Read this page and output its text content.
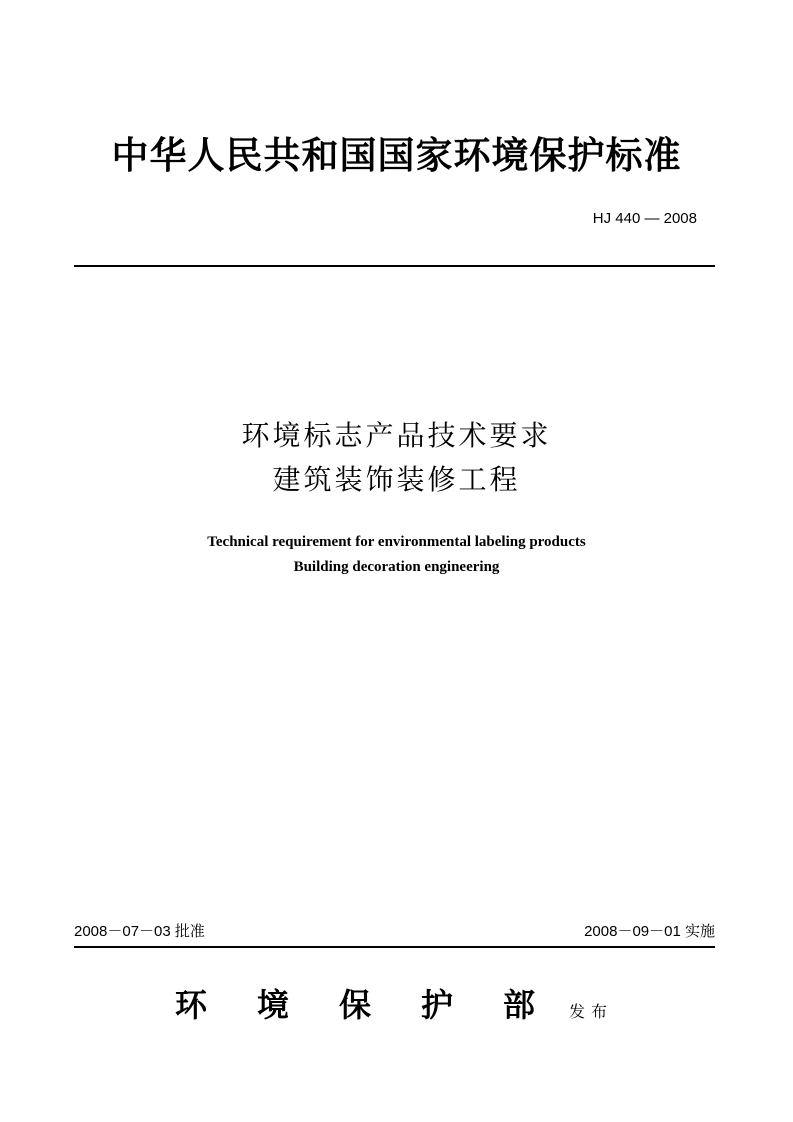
中华人民共和国国家环境保护标准
HJ 440 — 2008
环境标志产品技术要求
建筑装饰装修工程
Technical requirement for environmental labeling products
Building decoration engineering
2008－07－03 批准	2008－09－01 实施
环 境 保 护 部 发布
